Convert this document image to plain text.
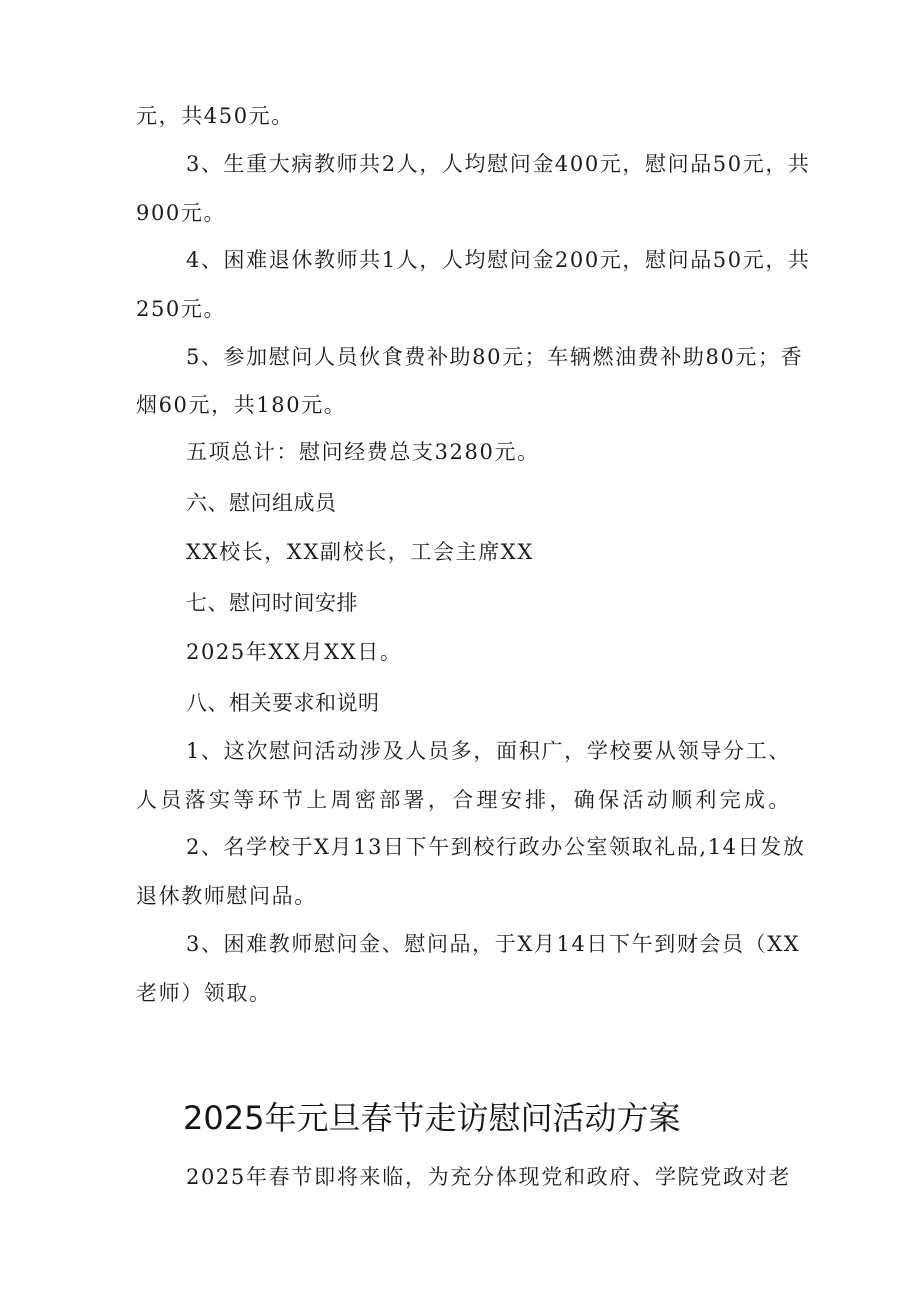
元，共450元。
3、生重大病教师共2人，人均慰问金400元，慰问品50元，共
900元。
4、困难退休教师共1人，人均慰问金200元，慰问品50元，共
250元。
5、参加慰问人员伙食费补助80元；车辆燃油费补助80元；香
烟60元，共180元。
五项总计：慰问经费总支3280元。
六、慰问组成员
XX校长，XX副校长，工会主席XX
七、慰问时间安排
2025年XX月XX日。
八、相关要求和说明
1、这次慰问活动涉及人员多，面积广，学校要从领导分工、
人员落实等环节上周密部署，合理安排，确保活动顺利完成。
2、名学校于X月13日下午到校行政办公室领取礼品,14日发放
退休教师慰问品。
3、困难教师慰问金、慰问品，于X月14日下午到财会员（XX
老师）领取。
2025年元旦春节走访慰问活动方案
2025年春节即将来临，为充分体现党和政府、学院党政对老
